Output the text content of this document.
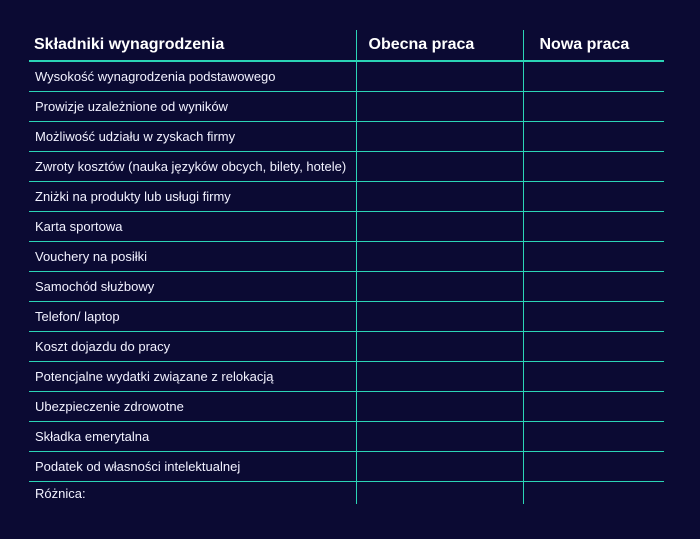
Składniki wynagrodzenia	Obecna praca	Nowa praca
Wysokość wynagrodzenia podstawowego		
Prowizje uzależnione od wyników		
Możliwość udziału w zyskach firmy		
Zwroty kosztów (nauka języków obcych, bilety, hotele)		
Zniżki na produkty lub usługi firmy		
Karta sportowa		
Vouchery na posiłki		
Samochód służbowy		
Telefon/ laptop		
Koszt dojazdu do pracy		
Potencjalne wydatki związane z relokacją		
Ubezpieczenie zdrowotne		
Składka emerytalna		
Podatek od własności intelektualnej		
Różnica:		
